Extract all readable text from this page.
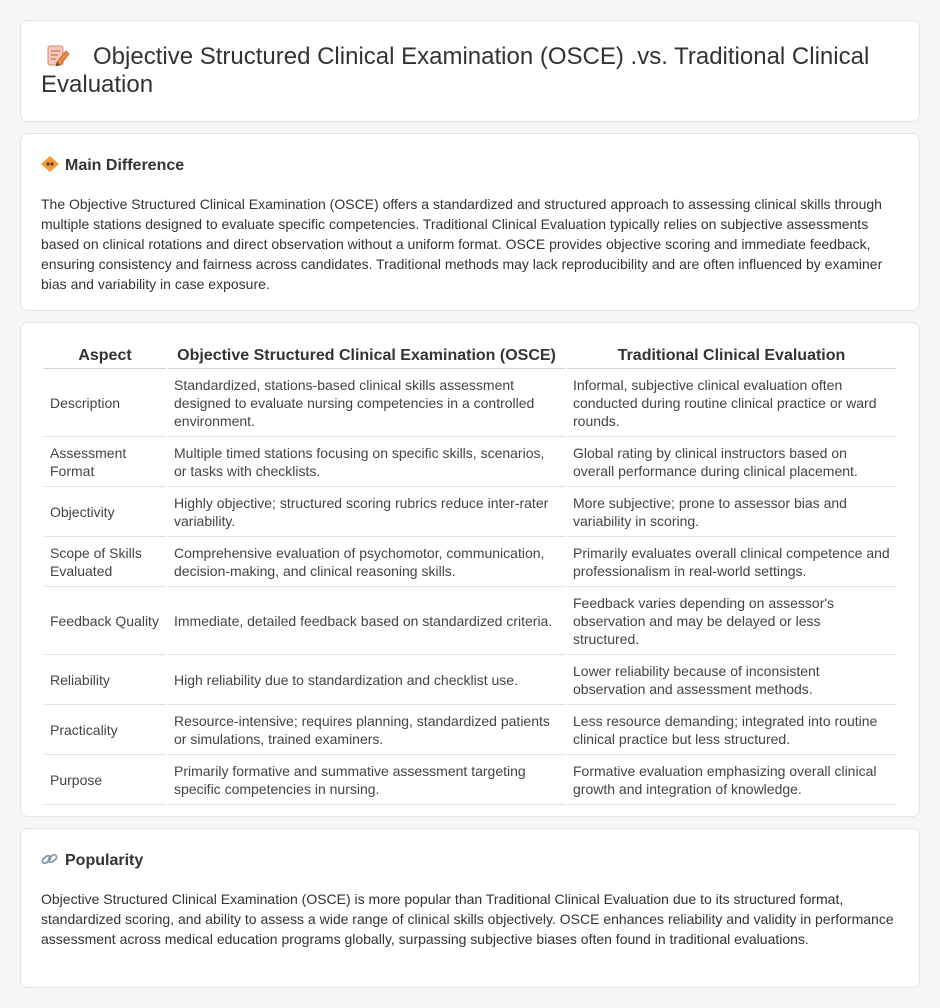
Objective Structured Clinical Examination (OSCE) .vs. Traditional Clinical Evaluation
Main Difference

The Objective Structured Clinical Examination (OSCE) offers a standardized and structured approach to assessing clinical skills through multiple stations designed to evaluate specific competencies. Traditional Clinical Evaluation typically relies on subjective assessments based on clinical rotations and direct observation without a uniform format. OSCE provides objective scoring and immediate feedback, ensuring consistency and fairness across candidates. Traditional methods may lack reproducibility and are often influenced by examiner bias and variability in case exposure.

Aspect	Objective Structured Clinical Examination (OSCE)	Traditional Clinical Evaluation
Description	Standardized, stations-based clinical skills assessment designed to evaluate nursing competencies in a controlled environment.	Informal, subjective clinical evaluation often conducted during routine clinical practice or ward rounds.
Assessment Format	Multiple timed stations focusing on specific skills, scenarios, or tasks with checklists.	Global rating by clinical instructors based on overall performance during clinical placement.
Objectivity	Highly objective; structured scoring rubrics reduce inter-rater variability.	More subjective; prone to assessor bias and variability in scoring.
Scope of Skills Evaluated	Comprehensive evaluation of psychomotor, communication, decision-making, and clinical reasoning skills.	Primarily evaluates overall clinical competence and professionalism in real-world settings.
Feedback Quality	Immediate, detailed feedback based on standardized criteria.	Feedback varies depending on assessor's observation and may be delayed or less structured.
Reliability	High reliability due to standardization and checklist use.	Lower reliability because of inconsistent observation and assessment methods.
Practicality	Resource-intensive; requires planning, standardized patients or simulations, trained examiners.	Less resource demanding; integrated into routine clinical practice but less structured.
Purpose	Primarily formative and summative assessment targeting specific competencies in nursing.	Formative evaluation emphasizing overall clinical growth and integration of knowledge.
Popularity

Objective Structured Clinical Examination (OSCE) is more popular than Traditional Clinical Evaluation due to its structured format, standardized scoring, and ability to assess a wide range of clinical skills objectively. OSCE enhances reliability and validity in performance assessment across medical education programs globally, surpassing subjective biases often found in traditional evaluations.
